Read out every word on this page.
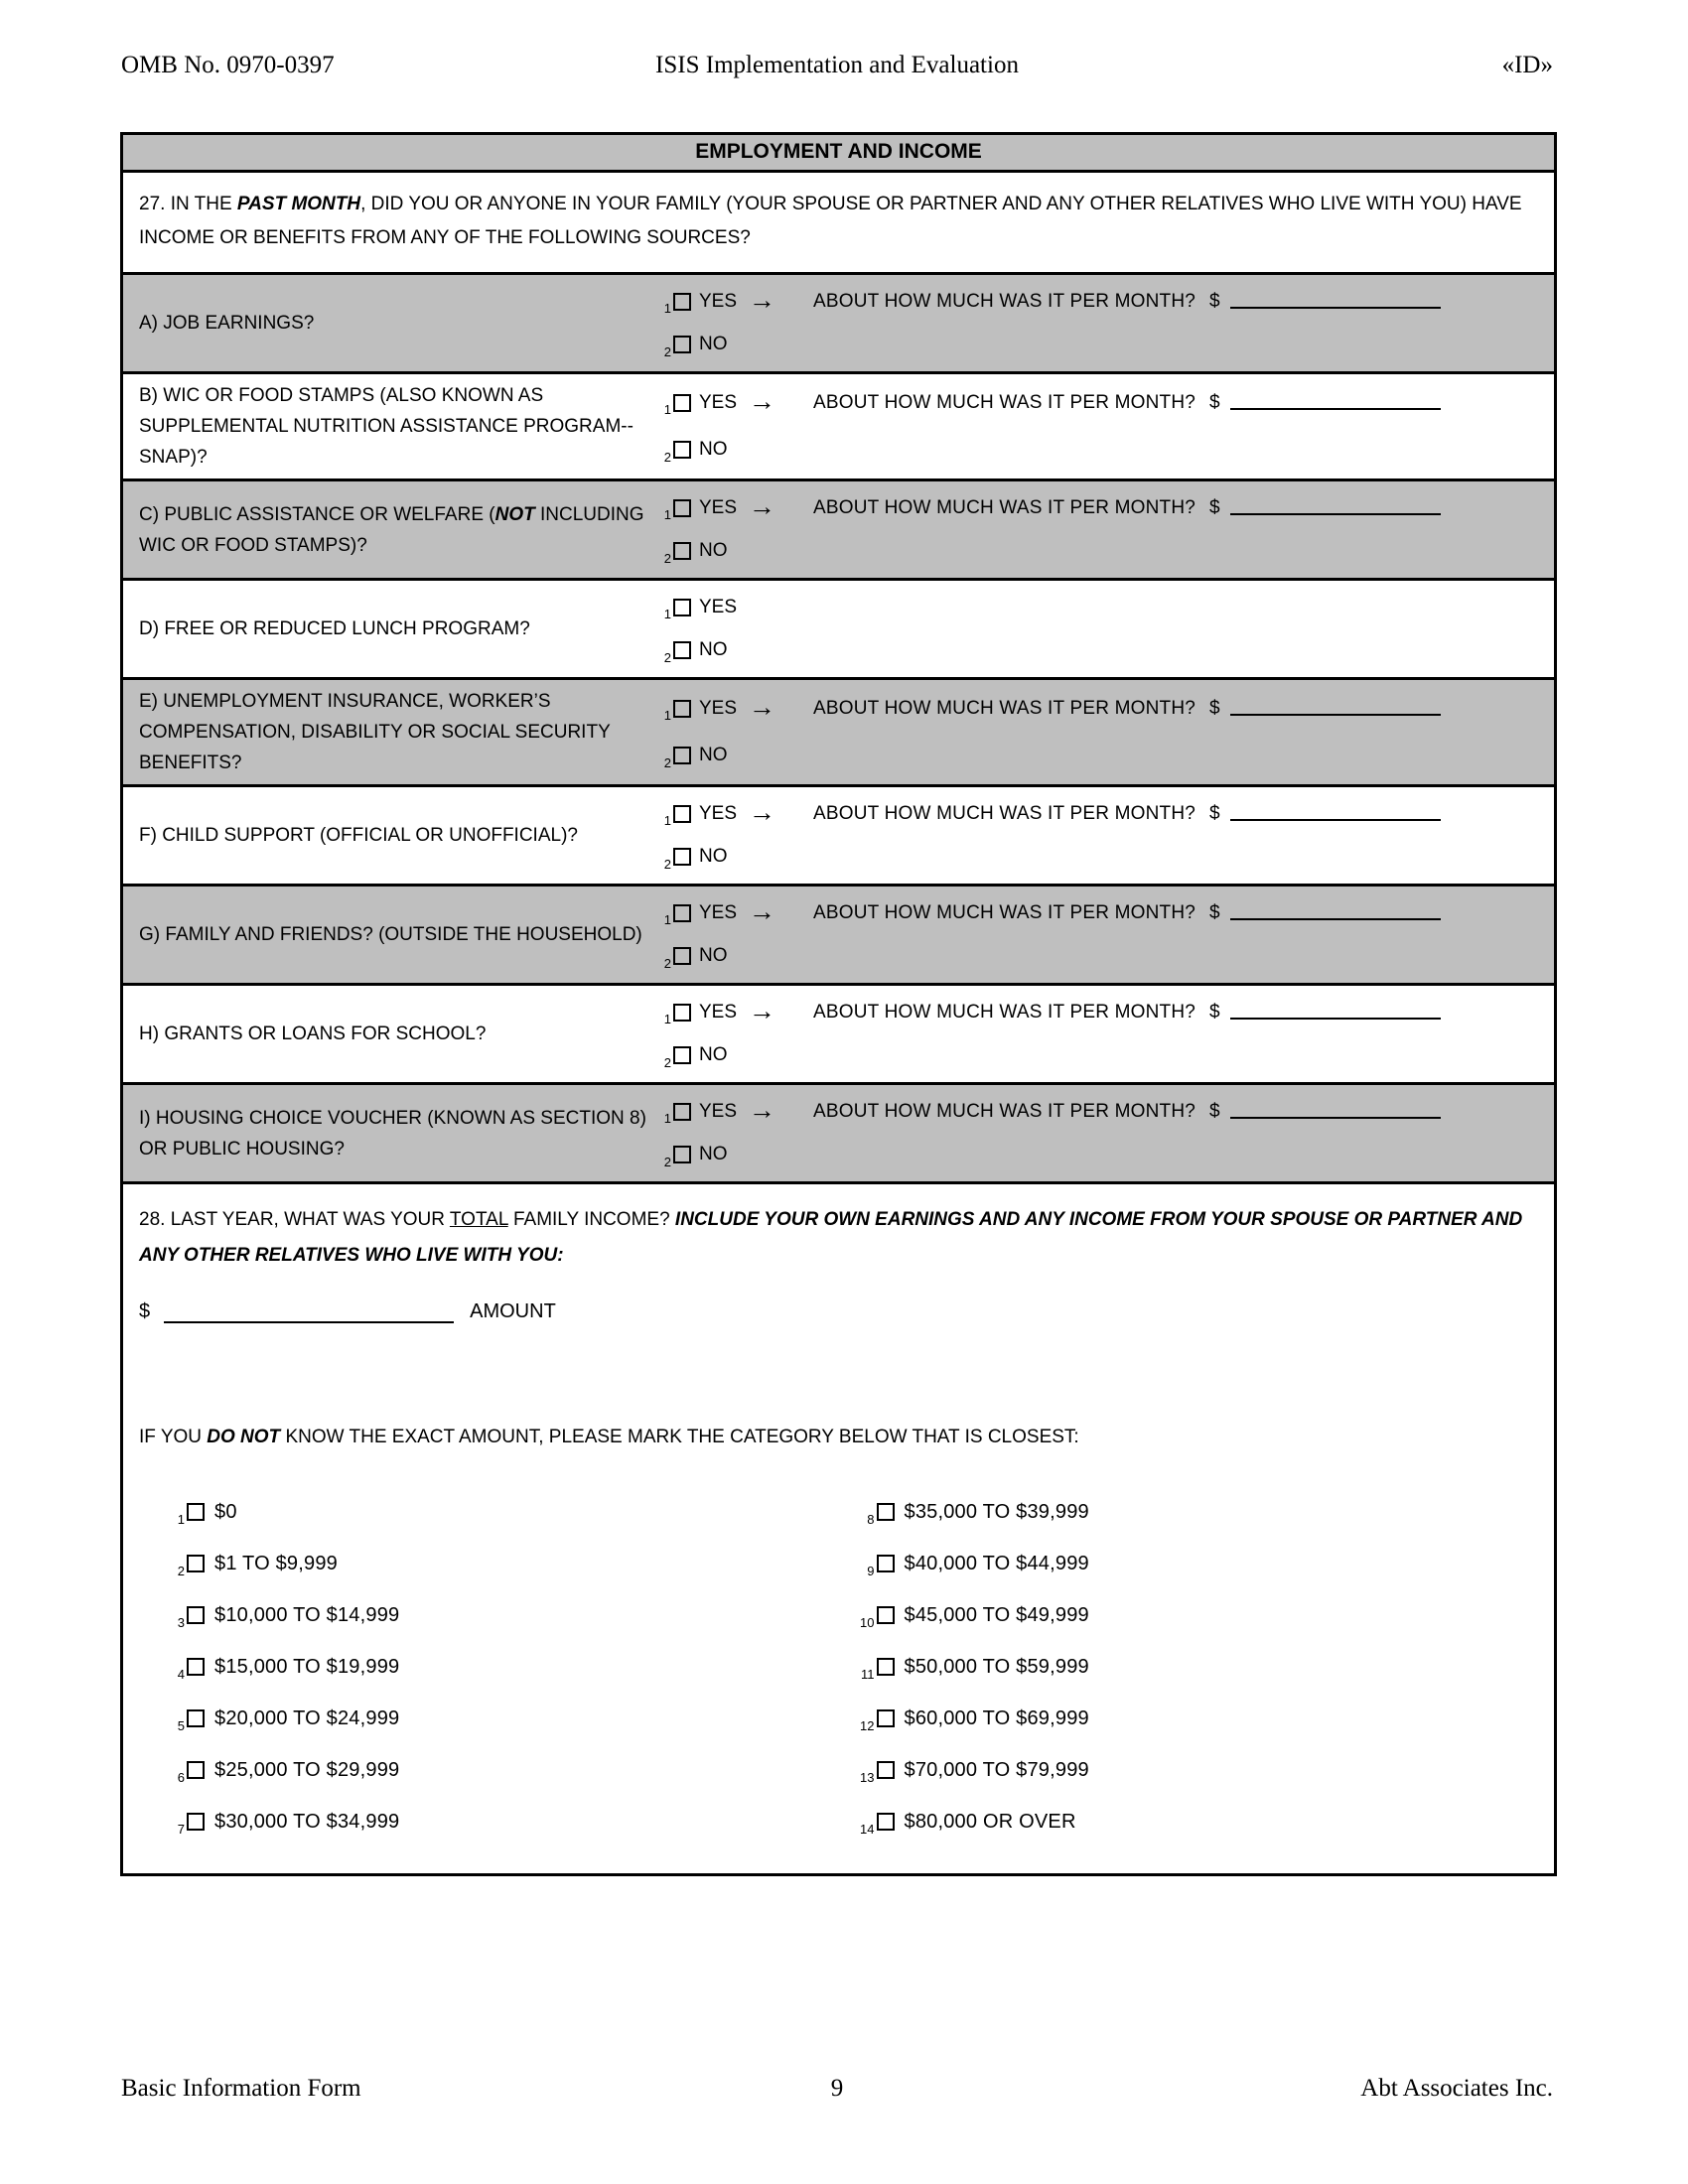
OMB No. 0970-0397	ISIS Implementation and Evaluation	«ID»
EMPLOYMENT AND INCOME
27. IN THE PAST MONTH, DID YOU OR ANYONE IN YOUR FAMILY (YOUR SPOUSE OR PARTNER AND ANY OTHER RELATIVES WHO LIVE WITH YOU) HAVE INCOME OR BENEFITS FROM ANY OF THE FOLLOWING SOURCES?
A) JOB EARNINGS?
1 YES → ABOUT HOW MUCH WAS IT PER MONTH? $
2 NO
B) WIC OR FOOD STAMPS (ALSO KNOWN AS SUPPLEMENTAL NUTRITION ASSISTANCE PROGRAM--SNAP)?
1 YES → ABOUT HOW MUCH WAS IT PER MONTH? $
2 NO
C) PUBLIC ASSISTANCE OR WELFARE (NOT INCLUDING WIC OR FOOD STAMPS)?
1 YES → ABOUT HOW MUCH WAS IT PER MONTH? $
2 NO
D) FREE OR REDUCED LUNCH PROGRAM?
1 YES
2 NO
E) UNEMPLOYMENT INSURANCE, WORKER’S COMPENSATION, DISABILITY OR SOCIAL SECURITY BENEFITS?
1 YES → ABOUT HOW MUCH WAS IT PER MONTH? $
2 NO
F) CHILD SUPPORT (OFFICIAL OR UNOFFICIAL)?
1 YES → ABOUT HOW MUCH WAS IT PER MONTH? $
2 NO
G) FAMILY AND FRIENDS? (OUTSIDE THE HOUSEHOLD)
1 YES → ABOUT HOW MUCH WAS IT PER MONTH? $
2 NO
H) GRANTS OR LOANS FOR SCHOOL?
1 YES → ABOUT HOW MUCH WAS IT PER MONTH? $
2 NO
I) HOUSING CHOICE VOUCHER (KNOWN AS SECTION 8) OR PUBLIC HOUSING?
1 YES → ABOUT HOW MUCH WAS IT PER MONTH? $
2 NO
28. LAST YEAR, WHAT WAS YOUR TOTAL FAMILY INCOME? INCLUDE YOUR OWN EARNINGS AND ANY INCOME FROM YOUR SPOUSE OR PARTNER AND ANY OTHER RELATIVES WHO LIVE WITH YOU:
$	AMOUNT
IF YOU DO NOT KNOW THE EXACT AMOUNT, PLEASE MARK THE CATEGORY BELOW THAT IS CLOSEST:
1 $0
2 $1 TO $9,999
3 $10,000 TO $14,999
4 $15,000 TO $19,999
5 $20,000 TO $24,999
6 $25,000 TO $29,999
7 $30,000 TO $34,999
8 $35,000 TO $39,999
9 $40,000 TO $44,999
10 $45,000 TO $49,999
11 $50,000 TO $59,999
12 $60,000 TO $69,999
13 $70,000 TO $79,999
14 $80,000 OR OVER
Basic Information Form	9	Abt Associates Inc.
